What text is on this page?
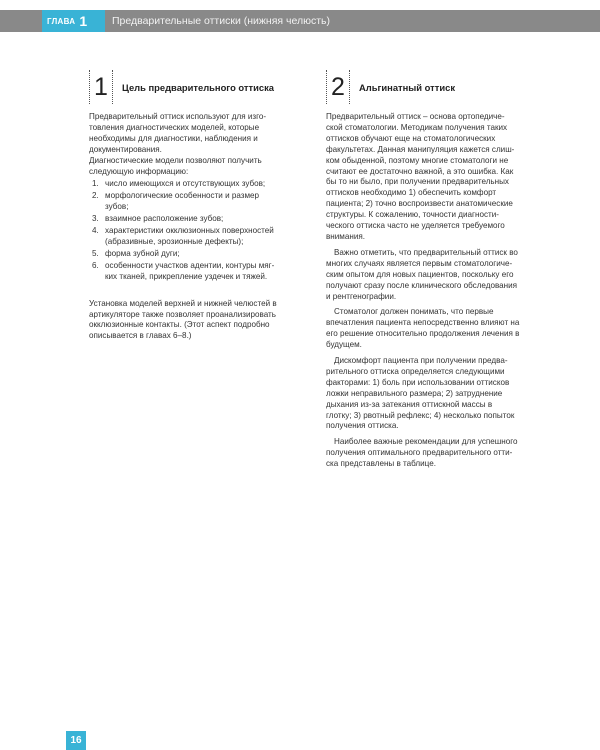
ГЛАВА 1 Предварительные оттиски (нижняя челюсть)
1	Цель предварительного оттиска
Предварительный оттиск используют для изго-
товления диагностических моделей, которые
необходимы для диагностики, наблюдения и
документирования.
Диагностические модели позволяют получить
следующую информацию:
1. число имеющихся и отсутствующих зубов;
2. морфологические особенности и размер
зубов;
3. взаимное расположение зубов;
4. характеристики окклюзионных поверхностей
(абразивные, эрозионные дефекты);
5. форма зубной дуги;
6. особенности участков адентии, контуры мяг-
ких тканей, прикрепление уздечек и тяжей.
Установка моделей верхней и нижней челюстей в
артикуляторе также позволяет проанализировать
окклюзионные контакты. (Этот аспект подробно
описывается в главах 6–8.)
2	Альгинатный оттиск
Предварительный оттиск – основа ортопедиче-
ской стоматологии. Методикам получения таких
оттисков обучают еще на стоматологических
факультетах. Данная манипуляция кажется слиш-
ком обыденной, поэтому многие стоматологи не
считают ее достаточно важной, а это ошибка. Как
бы то ни было, при получении предварительных
оттисков необходимо 1) обеспечить комфорт
пациента; 2) точно воспроизвести анатомические
структуры. К сожалению, точности диагности-
ческого оттиска часто не уделяется требуемого
внимания.
Важно отметить, что предварительный оттиск во
многих случаях является первым стоматологиче-
ским опытом для новых пациентов, поскольку его
получают сразу после клинического обследования
и рентгенографии.
Стоматолог должен понимать, что первые
впечатления пациента непосредственно влияют на
его решение относительно продолжения лечения в
будущем.
Дискомфорт пациента при получении предва-
рительного оттиска определяется следующими
факторами: 1) боль при использовании оттисков
ложки неправильного размера; 2) затруднение
дыхания из-за затекания оттискной массы в
глотку; 3) рвотный рефлекс; 4) несколько попыток
получения оттиска.
Наиболее важные рекомендации для успешного
получения оптимального предварительного отти-
ска представлены в таблице.
16
